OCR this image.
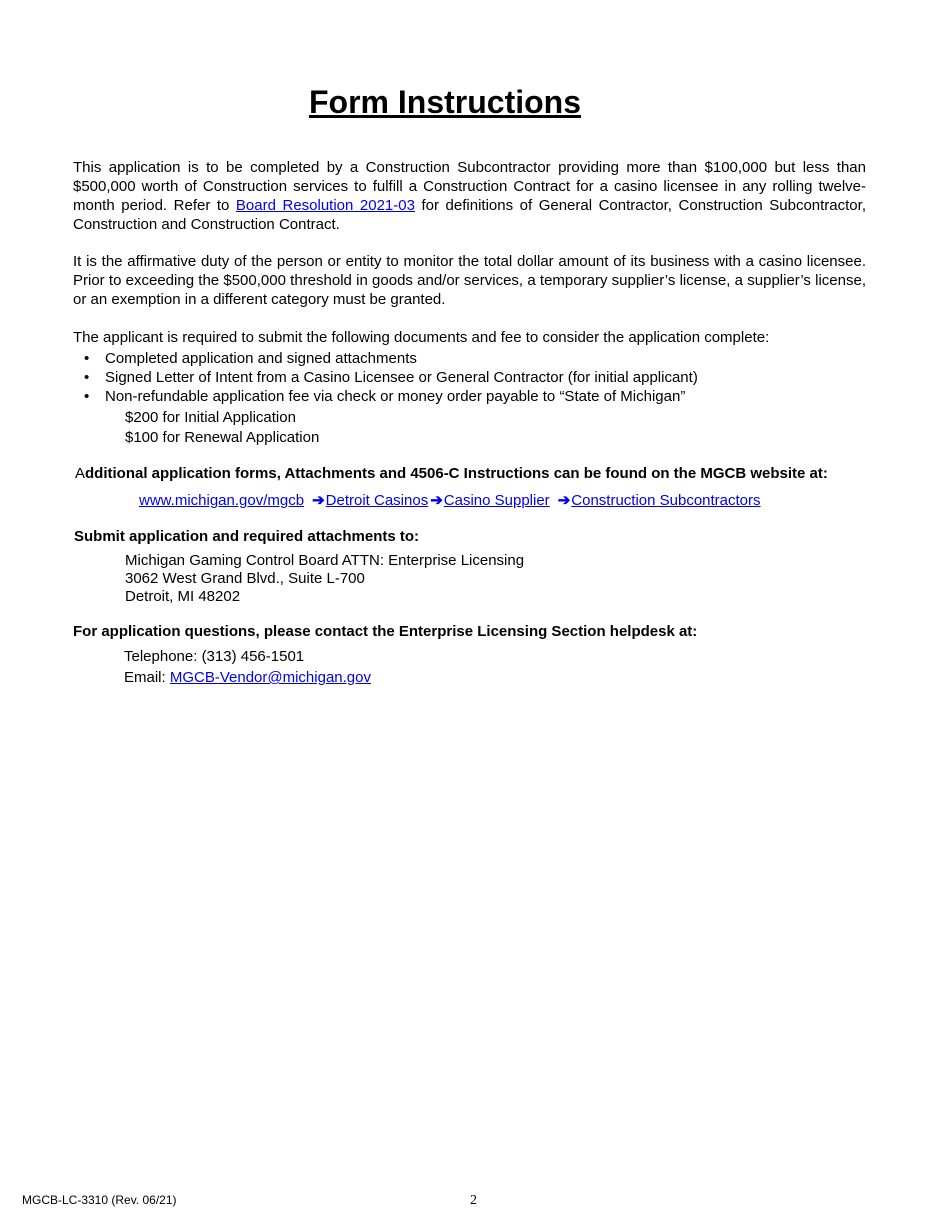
Form Instructions

This application is to be completed by a Construction Subcontractor providing more than $100,000 but less than $500,000 worth of Construction services to fulfill a Construction Contract for a casino licensee in any rolling twelve-month period. Refer to Board Resolution 2021-03 for definitions of General Contractor, Construction Subcontractor, Construction and Construction Contract.

It is the affirmative duty of the person or entity to monitor the total dollar amount of its business with a casino licensee. Prior to exceeding the $500,000 threshold in goods and/or services, a temporary supplier’s license, a supplier’s license, or an exemption in a different category must be granted.

The applicant is required to submit the following documents and fee to consider the application complete:

• Completed application and signed attachments
• Signed Letter of Intent from a Casino Licensee or General Contractor (for initial applicant)
• Non-refundable application fee via check or money order payable to “State of Michigan”
$200 for Initial Application
$100 for Renewal Application

Additional application forms, Attachments and 4506-C Instructions can be found on the MGCB website at:

www.michigan.gov/mgcb ➔Detroit Casinos ➔Casino Supplier ➔Construction Subcontractors

Submit application and required attachments to:

Michigan Gaming Control Board ATTN: Enterprise Licensing
3062 West Grand Blvd., Suite L-700
Detroit, MI 48202

For application questions, please contact the Enterprise Licensing Section helpdesk at:

Telephone: (313) 456-1501
Email: MGCB-Vendor@michigan.gov
MGCB-LC-3310 (Rev. 06/21)	2
